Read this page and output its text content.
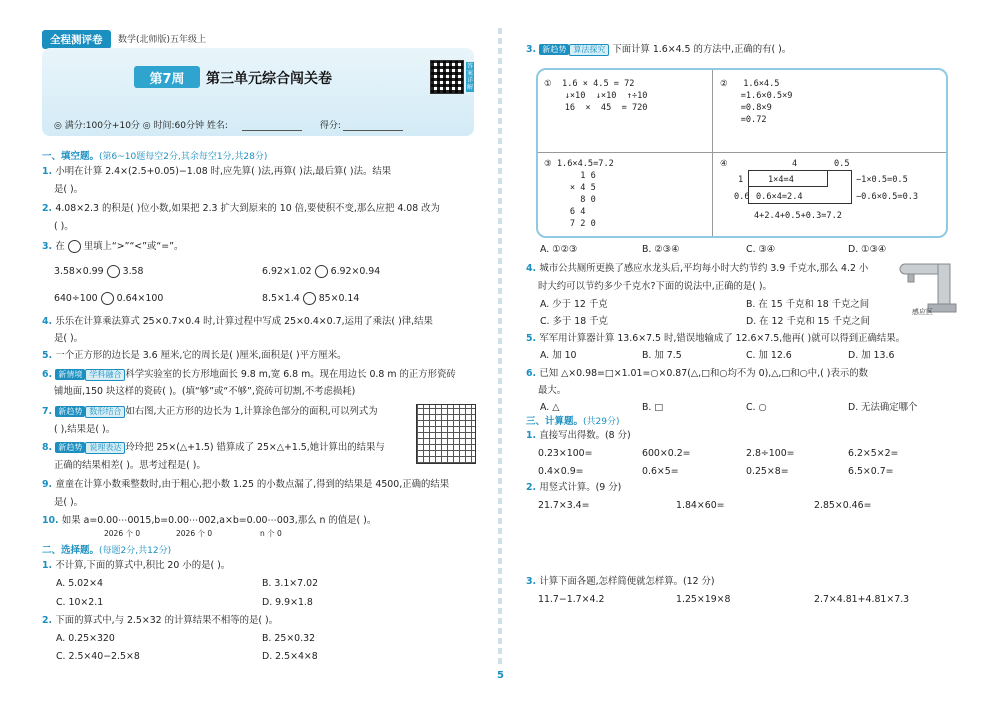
全程测评卷	数学(北师版)五年级上
第7周	第三单元综合闯关卷
答案详解
◎ 满分:100分+10分 ◎ 时间:60分钟 姓名:	得分:
一、填空题。(第6~10题每空2分,其余每空1分,共28分)
1. 小明在计算 2.4×(2.5+0.05)−1.08 时,应先算( )法,再算( )法,最后算( )法。结果
是( )。
2. 4.08×2.3 的积是( )位小数,如果把 2.3 扩大到原来的 10 倍,要使积不变,那么应把 4.08 改为
( )。
3. 在 里填上“>”“<”或“=”。
3.58×0.99 3.58	6.92×1.02 6.92×0.94
640÷100 0.64×100	8.5×1.4 85×0.14
4. 乐乐在计算乘法算式 25×0.7×0.4 时,计算过程中写成 25×0.4×0.7,运用了乘法( )律,结果
是( )。
5. 一个正方形的边长是 3.6 厘米,它的周长是( )厘米,面积是( )平方厘米。
6. 新情境 学科融合 科学实验室的长方形地面长 9.8 m,宽 6.8 m。现在用边长 0.8 m 的正方形瓷砖
铺地面,150 块这样的瓷砖( )。(填“够”或“不够”,瓷砖可切割,不考虑损耗)
7. 新趋势 数形结合 如右图,大正方形的边长为 1,计算涂色部分的面积,可以列式为
( ),结果是( )。
8. 新趋势 说理表达 玲玲把 25×(△+1.5) 错算成了 25×△+1.5,她计算出的结果与
正确的结果相差( )。思考过程是( )。
9. 童童在计算小数乘整数时,由于粗心,把小数 1.25 的小数点漏了,得到的结果是 4500,正确的结果
是( )。
10. 如果 a=0.00⋯0015,b=0.00⋯002,a×b=0.00⋯003,那么 n 的值是( )。
2026 个 0	2026 个 0	n 个 0
二、选择题。(每题2分,共12分)
1. 不计算,下面的算式中,积比 20 小的是( )。
A. 5.02×4	B. 3.1×7.02
C. 10×2.1	D. 9.9×1.8
2. 下面的算式中,与 2.5×32 的计算结果不相等的是( )。
A. 0.25×320	B. 25×0.32
C. 2.5×40−2.5×8	D. 2.5×4×8
3. 新趋势 算法探究 下面计算 1.6×4.5 的方法中,正确的有( )。
①  1.6 × 4.5 = 72
↓×10  ↓×10  ↑÷10
16  ×  45  = 720
②   1.6×4.5
=1.6×0.5×9
=0.8×9
=0.72
③ 1.6×4.5=7.2
1 6
× 4 5
8 0
6 4
7 2 0
④	4	0.5
1	1×4=4
0.6 0.6×4=2.4
−1×0.5=0.5
−0.6×0.5=0.3
4+2.4+0.5+0.3=7.2
A. ①②③	B. ②③④	C. ③④	D. ①③④
4. 城市公共厕所更换了感应水龙头后,平均每小时大约节约 3.9 千克水,那么 4.2 小
时大约可以节约多少千克水?下面的说法中,正确的是( )。
感应区
A. 少于 12 千克	B. 在 15 千克和 18 千克之间
C. 多于 18 千克	D. 在 12 千克和 15 千克之间
5. 军军用计算器计算 13.6×7.5 时,错误地输成了 12.6×7.5,他再( )就可以得到正确结果。
A. 加 10	B. 加 7.5	C. 加 12.6	D. 加 13.6
6. 已知 △×0.98=□×1.01=○×0.87(△,□和○均不为 0),△,□和○中,( )表示的数
最大。
A. △	B. □	C. ○	D. 无法确定哪个
三、计算题。(共29分)
1. 直接写出得数。(8 分)
0.23×100=	600×0.2=	2.8÷100=	6.2×5×2=
0.4×0.9=	0.6×5=	0.25×8=	6.5×0.7=
2. 用竖式计算。(9 分)
21.7×3.4=	1.84×60=	2.85×0.46=
3. 计算下面各题,怎样简便就怎样算。(12 分)
11.7−1.7×4.2	1.25×19×8	2.7×4.81+4.81×7.3
5
